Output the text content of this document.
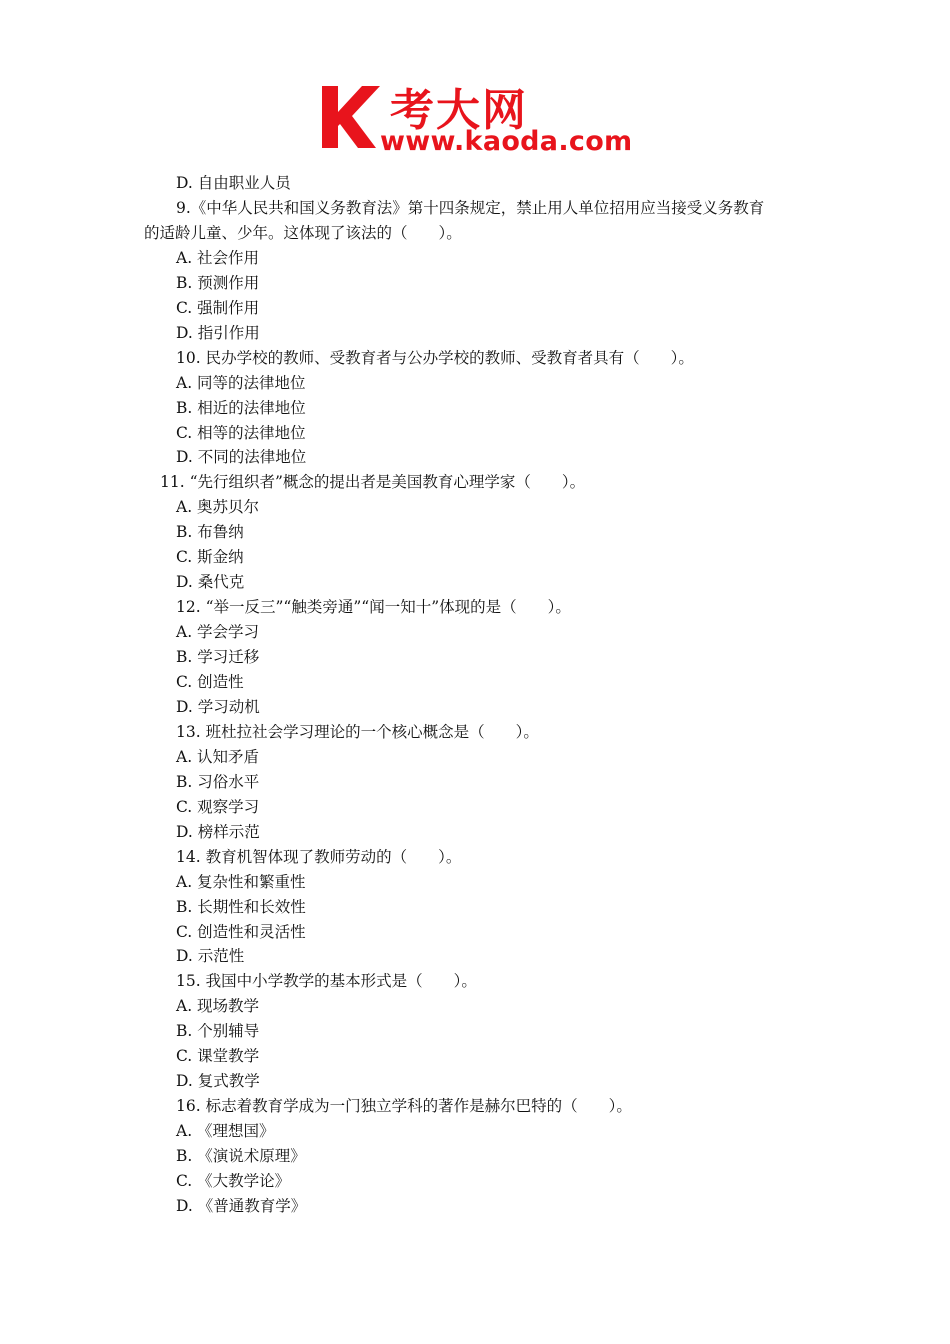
考大网
www.kaoda.com
D. 自由职业人员
9.《中华人民共和国义务教育法》第十四条规定，禁止用人单位招用应当接受义务教育
的适龄儿童、少年。这体现了该法的（　　）。
A. 社会作用
B. 预测作用
C. 强制作用
D. 指引作用
10. 民办学校的教师、受教育者与公办学校的教师、受教育者具有（　　）。
A. 同等的法律地位
B. 相近的法律地位
C. 相等的法律地位
D. 不同的法律地位
11. “先行组织者”概念的提出者是美国教育心理学家（　　）。
A. 奥苏贝尔
B. 布鲁纳
C. 斯金纳
D. 桑代克
12. “举一反三”“触类旁通”“闻一知十”体现的是（　　）。
A. 学会学习
B. 学习迁移
C. 创造性
D. 学习动机
13. 班杜拉社会学习理论的一个核心概念是（　　）。
A. 认知矛盾
B. 习俗水平
C. 观察学习
D. 榜样示范
14. 教育机智体现了教师劳动的（　　）。
A. 复杂性和繁重性
B. 长期性和长效性
C. 创造性和灵活性
D. 示范性
15. 我国中小学教学的基本形式是（　　）。
A. 现场教学
B. 个别辅导
C. 课堂教学
D. 复式教学
16. 标志着教育学成为一门独立学科的著作是赫尔巴特的（　　）。
A. 《理想国》
B. 《演说术原理》
C. 《大教学论》
D. 《普通教育学》
